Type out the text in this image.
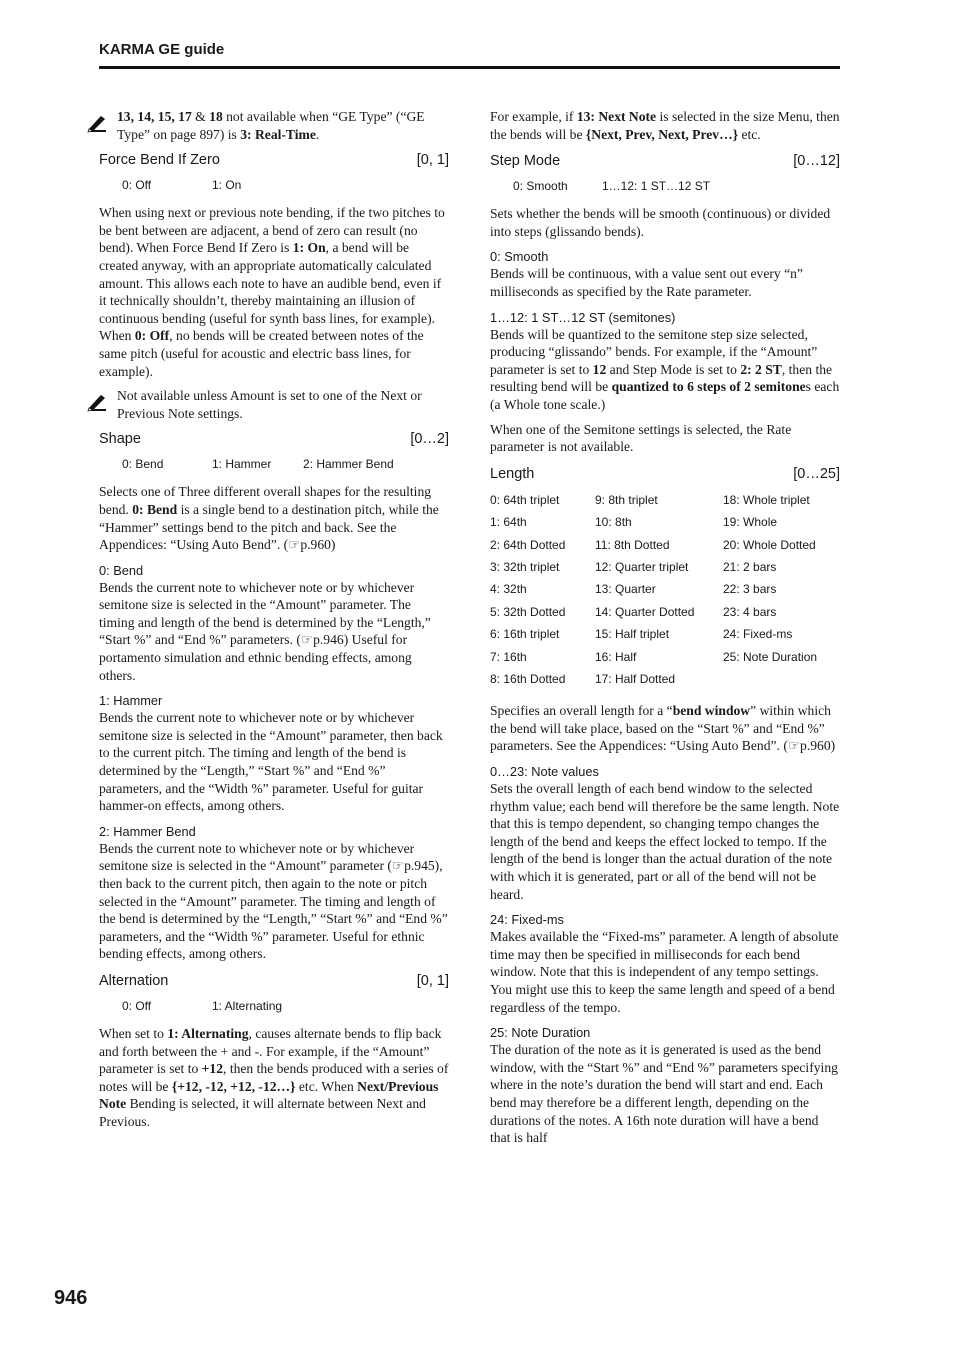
KARMA GE guide
13, 14, 15, 17 & 18 not available when “GE Type” (“GE Type” on page 897) is 3: Real-Time.
Force Bend If Zero	[0, 1]
0: Off	1: On

When using next or previous note bending, if the two pitches to be bent between are adjacent, a bend of zero can result (no bend). When Force Bend If Zero is 1: On, a bend will be created anyway, with an appropriate automatically calculated amount. This allows each note to have an audible bend, even if it technically shouldn’t, thereby maintaining an illusion of continuous bending (useful for synth bass lines, for example). When 0: Off, no bends will be created between notes of the same pitch (useful for acoustic and electric bass lines, for example).

Not available unless Amount is set to one of the Next or Previous Note settings.
Shape	[0…2]
0: Bend	1: Hammer	2: Hammer Bend

Selects one of Three different overall shapes for the resulting bend. 0: Bend is a single bend to a destination pitch, while the “Hammer” settings bend to the pitch and back. See the Appendices: “Using Auto Bend”. (☞p.960)

0: Bend

Bends the current note to whichever note or by whichever semitone size is selected in the “Amount” parameter. The timing and length of the bend is determined by the “Length,” “Start %” and “End %” parameters. (☞p.946) Useful for portamento simulation and ethnic bending effects, among others.

1: Hammer

Bends the current note to whichever note or by whichever semitone size is selected in the “Amount” parameter, then back to the current pitch. The timing and length of the bend is determined by the “Length,” “Start %” and “End %” parameters, and the “Width %” parameter. Useful for guitar hammer-on effects, among others.

2: Hammer Bend

Bends the current note to whichever note or by whichever semitone size is selected in the “Amount” parameter (☞p.945), then back to the current pitch, then again to the note or pitch selected in the “Amount” parameter. The timing and length of the bend is determined by the “Length,” “Start %” and “End %” parameters, and the “Width %” parameter. Useful for ethnic bending effects, among others.

Alternation	[0, 1]
0: Off	1: Alternating

When set to 1: Alternating, causes alternate bends to flip back and forth between the + and -. For example, if the “Amount” parameter is set to +12, then the bends produced with a series of notes will be {+12, -12, +12, -12…} etc. When Next/Previous Note Bending is selected, it will alternate between Next and Previous.

For example, if 13: Next Note is selected in the size Menu, then the bends will be {Next, Prev, Next, Prev…} etc.

Step Mode	[0…12]
0: Smooth	1…12: 1 ST…12 ST

Sets whether the bends will be smooth (continuous) or divided into steps (glissando bends).

0: Smooth

Bends will be continuous, with a value sent out every “n” milliseconds as specified by the Rate parameter.

1…12: 1 ST…12 ST (semitones)

Bends will be quantized to the semitone step size selected, producing “glissando” bends. For example, if the “Amount” parameter is set to 12 and Step Mode is set to 2: 2 ST, then the resulting bend will be quantized to 6 steps of 2 semitones each (a Whole tone scale.)

When one of the Semitone settings is selected, the Rate parameter is not available.

Length	[0…25]
0: 64th triplet	9: 8th triplet	18: Whole triplet
1: 64th	10: 8th	19: Whole
2: 64th Dotted	11: 8th Dotted	20: Whole Dotted
3: 32th triplet	12: Quarter triplet	21: 2 bars
4: 32th	13: Quarter	22: 3 bars
5: 32th Dotted	14: Quarter Dotted	23: 4 bars
6: 16th triplet	15: Half triplet	24: Fixed-ms
7: 16th	16: Half	25: Note Duration
8: 16th Dotted	17: Half Dotted	

Specifies an overall length for a “bend window” within which the bend will take place, based on the “Start %” and “End %” parameters. See the Appendices: “Using Auto Bend”. (☞p.960)

0…23: Note values

Sets the overall length of each bend window to the selected rhythm value; each bend will therefore be the same length. Note that this is tempo dependent, so changing tempo changes the length of the bend and keeps the effect locked to tempo. If the length of the bend is longer than the actual duration of the note with which it is generated, part or all of the bend will not be heard.

24: Fixed-ms

Makes available the “Fixed-ms” parameter. A length of absolute time may then be specified in milliseconds for each bend window. Note that this is independent of any tempo settings. You might use this to keep the same length and speed of a bend regardless of the tempo.

25: Note Duration

The duration of the note as it is generated is used as the bend window, with the “Start %” and “End %” parameters specifying where in the note’s duration the bend will start and end. Each bend may therefore be a different length, depending on the durations of the notes. A 16th note duration will have a bend that is half

946
